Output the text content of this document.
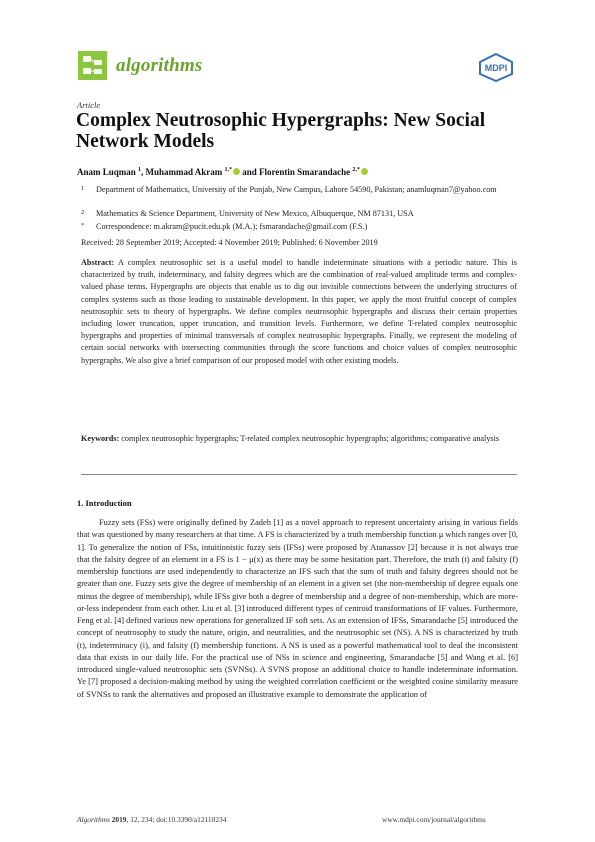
algorithms	MDPI
Article
Complex Neutrosophic Hypergraphs: New Social Network Models
Anam Luqman $^1$, Muhammad Akram $^{1,*}$ and Florentin Smarandache $^{2,*}$
1 Department of Mathematics, University of the Punjab, New Campus, Lahore 54590, Pakistan; anamluqman7@yahoo.com
2 Mathematics & Science Department, University of New Mexico, Albuquerque, NM 87131, USA
* Correspondence: m.akram@pucit.edu.pk (M.A.); fsmarandache@gmail.com (F.S.)
Received: 28 September 2019; Accepted: 4 November 2019; Published: 6 November 2019
Abstract: A complex neutrosophic set is a useful model to handle indeterminate situations with a periodic nature. This is characterized by truth, indeterminacy, and falsity degrees which are the combination of real-valued amplitude terms and complex-valued phase terms. Hypergraphs are objects that enable us to dig out invisible connections between the underlying structures of complex systems such as those leading to sustainable development. In this paper, we apply the most fruitful concept of complex neutrosophic sets to theory of hypergraphs. We define complex neutrosophic hypergraphs and discuss their certain properties including lower truncation, upper truncation, and transition levels. Furthermore, we define T-related complex neutrosophic hypergraphs and properties of minimal transversals of complex neutrosophic hypergraphs. Finally, we represent the modeling of certain social networks with intersecting communities through the score functions and choice values of complex neutrosophic hypergraphs. We also give a brief comparison of our proposed model with other existing models.
Keywords: complex neutrosophic hypergraphs; T-related complex neutrosophic hypergraphs; algorithms; comparative analysis
1. Introduction
Fuzzy sets (FSs) were originally defined by Zadeh [1] as a novel approach to represent uncertainty arising in various fields that was questioned by many researchers at that time. A FS is characterized by a truth membership function μ which ranges over [0, 1]. To generalize the notion of FSs, intuitionistic fuzzy sets (IFSs) were proposed by Atanassov [2] because it is not always true that the falsity degree of an element in a FS is 1 − μ(x) as there may be some hesitation part. Therefore, the truth (t) and falsity (f) membership functions are used independently to characterize an IFS such that the sum of truth and falsity degrees should not be greater than one. Fuzzy sets give the degree of membership of an element in a given set (the non-membership of degree equals one minus the degree of membership), while IFSs give both a degree of membership and a degree of non-membership, which are more-or-less independent from each other. Liu et al. [3] introduced different types of centroid transformations of IF values. Furthermore, Feng et al. [4] defined various new operations for generalized IF soft sets. As an extension of IFSs, Smarandache [5] introduced the concept of neutrosophy to study the nature, origin, and neutralities, and the neutrosophic set (NS). A NS is characterized by truth (t), indeterminacy (i), and falsity (f) membership functions. A NS is used as a powerful mathematical tool to deal the inconsistent data that exists in our daily life. For the practical use of NSs in science and engineering, Smarandache [5] and Wang et al. [6] introduced single-valued neutrosophic sets (SVNSs). A SVNS propose an additional choice to handle indeterminate information. Ye [7] proposed a decision-making method by using the weighted correlation coefficient or the weighted cosine similarity measure of SVNSs to rank the alternatives and proposed an illustrative example to demonstrate the application of
Algorithms 2019, 12, 234; doi:10.3390/a12110234	www.mdpi.com/journal/algorithms
